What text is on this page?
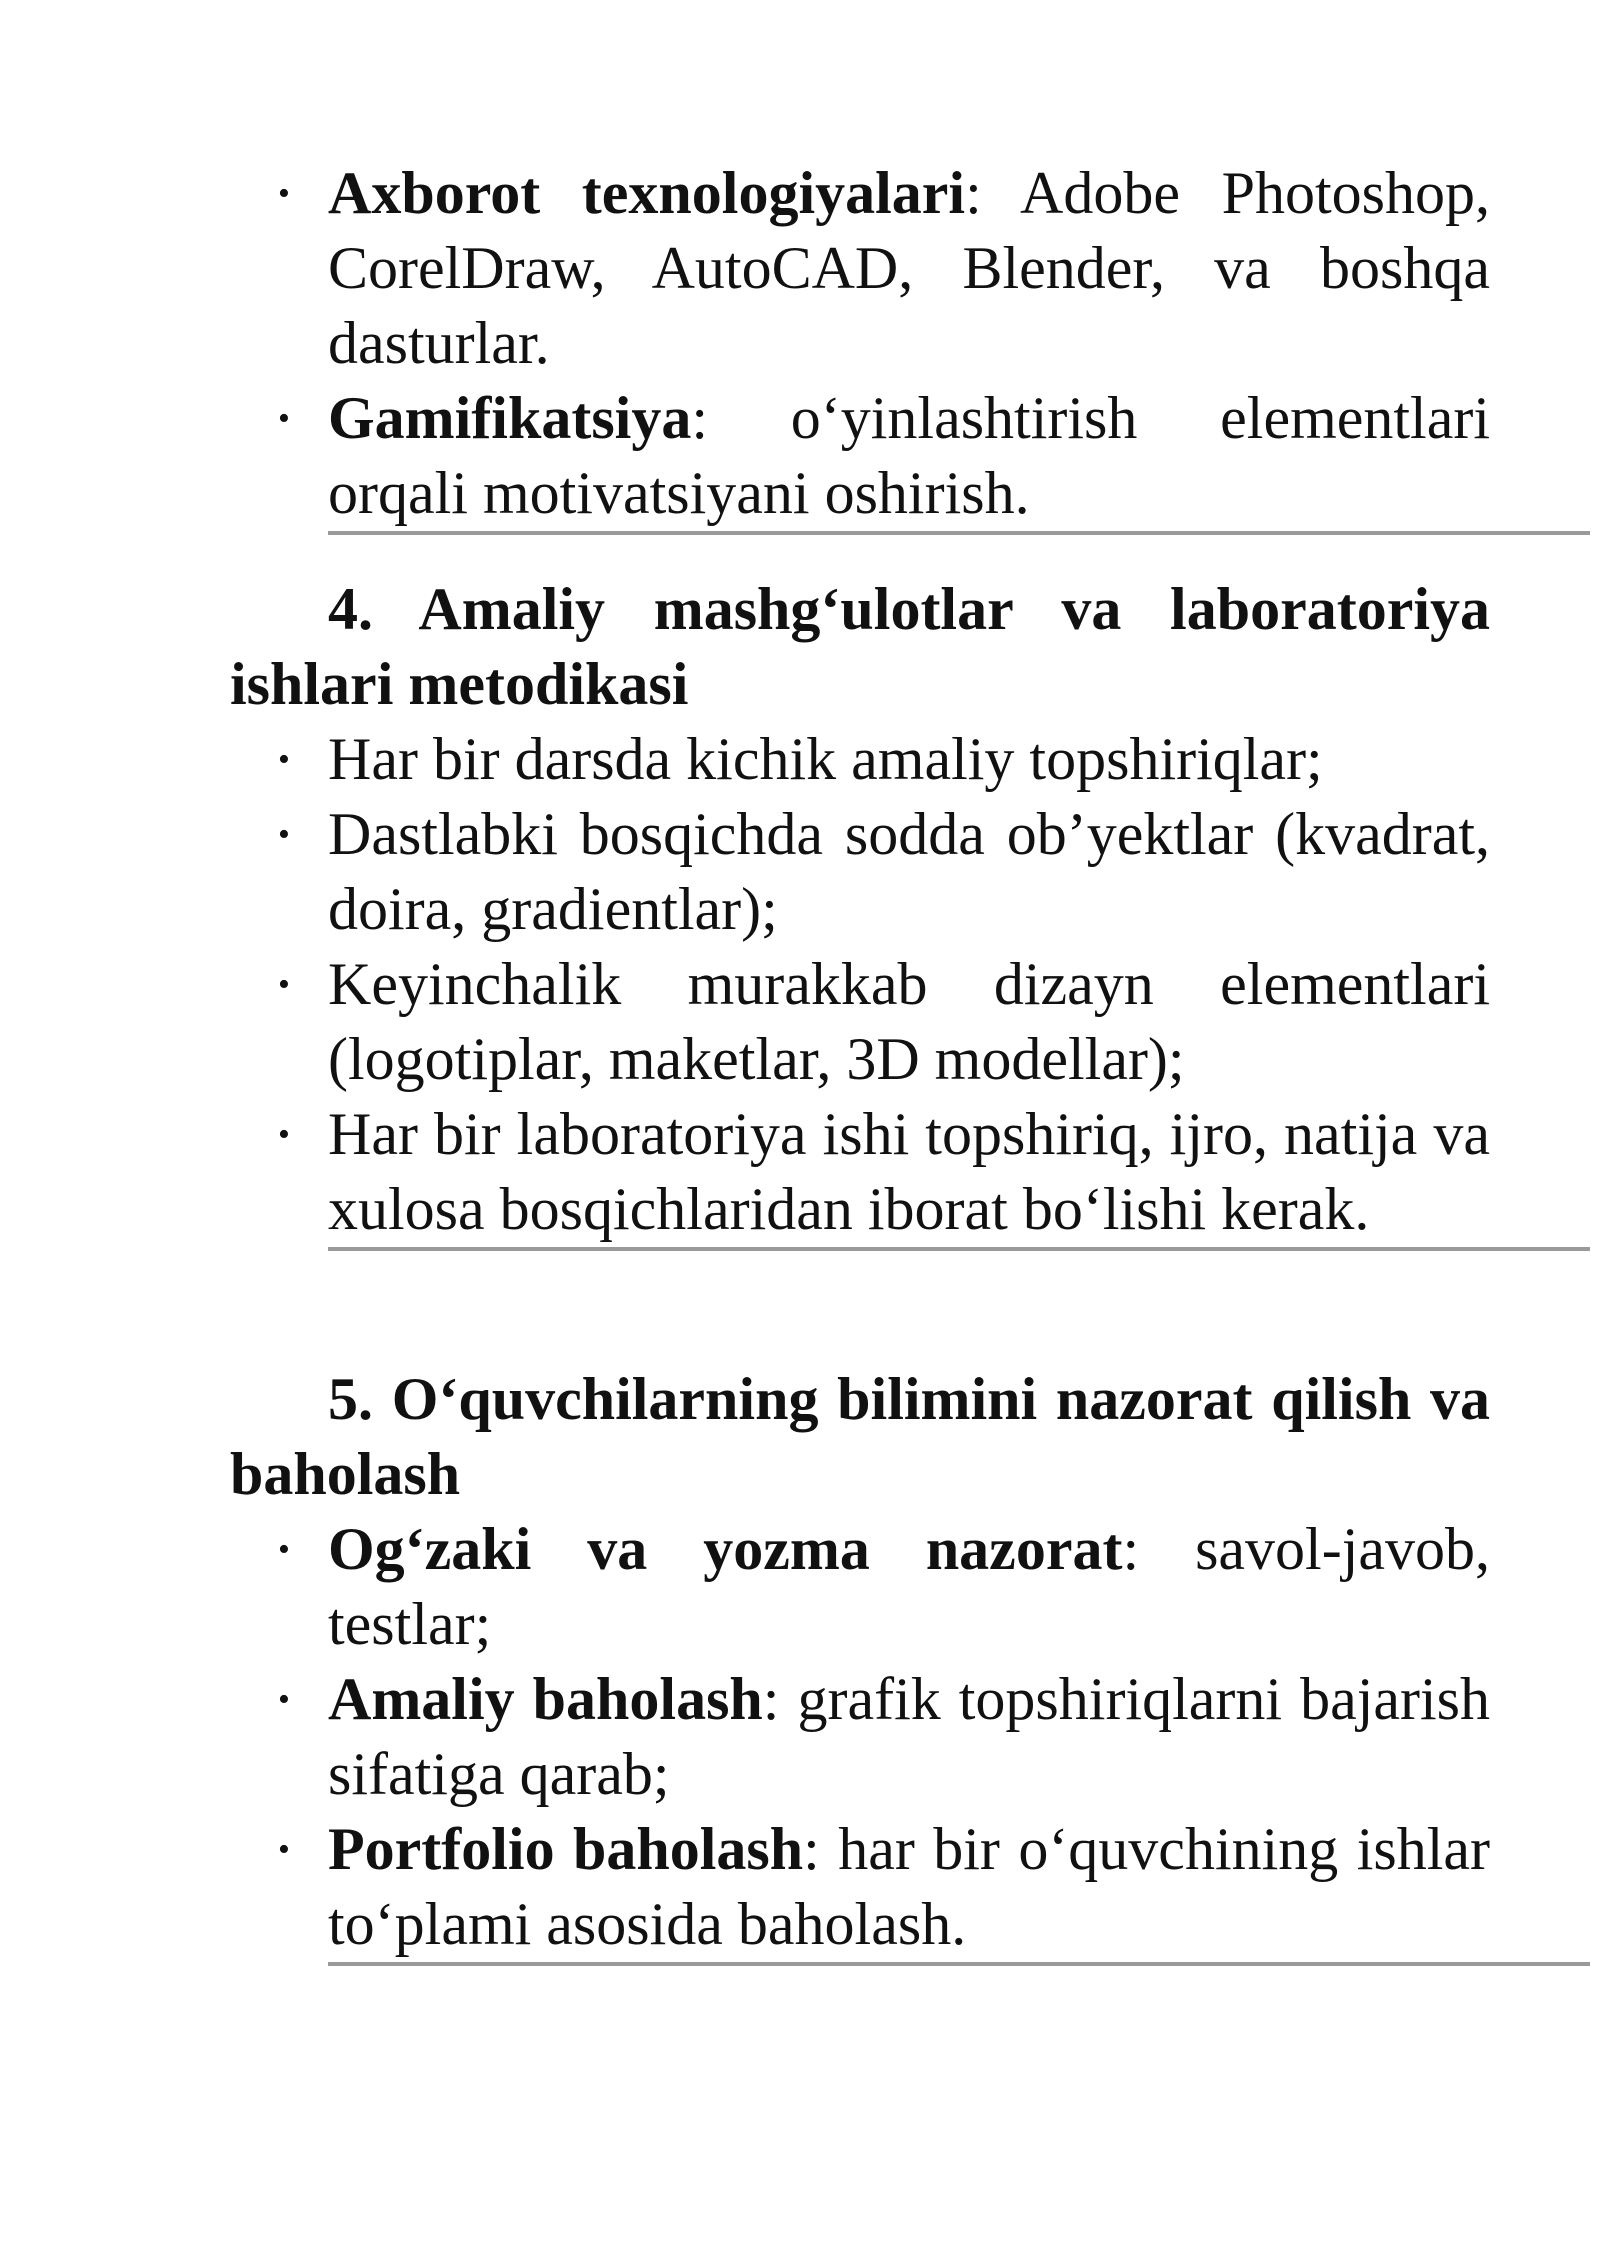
• Axborot texnologiyalari: Adobe Photoshop, CorelDraw, AutoCAD, Blender, va boshqa dasturlar.
• Gamifikatsiya: o‘yinlashtirish elementlari orqali motivatsiyani oshirish.
4. Amaliy mashg‘ulotlar va laboratoriya ishlari metodikasi
• Har bir darsda kichik amaliy topshiriqlar;
• Dastlabki bosqichda sodda ob’yektlar (kvadrat, doira, gradientlar);
• Keyinchalik murakkab dizayn elementlari (logotiplar, maketlar, 3D modellar);
• Har bir laboratoriya ishi topshiriq, ijro, natija va xulosa bosqichlaridan iborat bo‘lishi kerak.
5. O‘quvchilarning bilimini nazorat qilish va baholash
• Og‘zaki va yozma nazorat: savol-javob, testlar;
• Amaliy baholash: grafik topshiriqlarni bajarish sifatiga qarab;
• Portfolio baholash: har bir o‘quvchining ishlar to‘plami asosida baholash.
